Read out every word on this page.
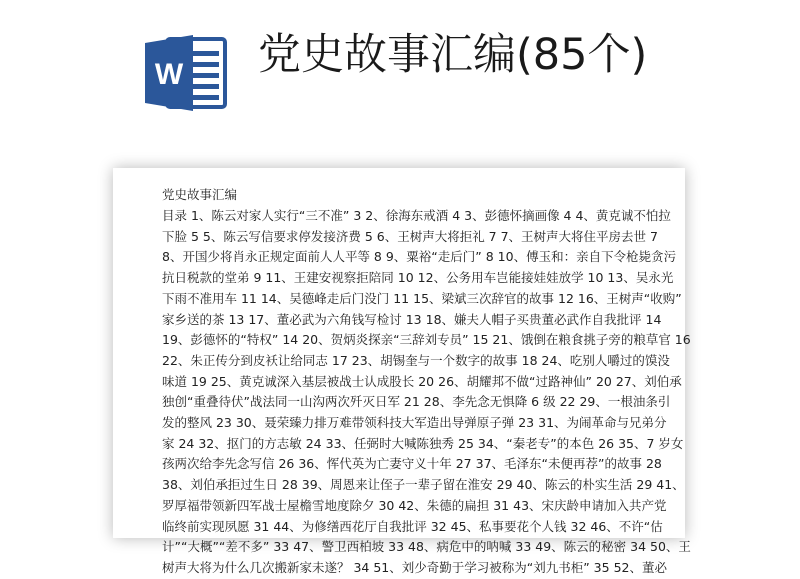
W 党史故事汇编(85个)
党史故事汇编
目录 1、陈云对家人实行“三不准” 3 2、徐海东戒酒 4 3、彭德怀摘画像 4 4、黄克诚不怕拉
下脸 5 5、陈云写信要求停发接济费 5 6、王树声大将拒礼 7 7、王树声大将住平房去世 7
8、开国少将肖永正规定面前人人平等 8 9、粟裕“走后门” 8 10、傅玉和：亲自下令枪毙贪污
抗日税款的堂弟 9 11、王建安视察拒陪同 10 12、公务用车岂能接娃娃放学 10 13、吴永光
下雨不准用车 11 14、吴德峰走后门没门 11 15、梁斌三次辞官的故事 12 16、王树声“收购”
家乡送的茶 13 17、董必武为六角钱写检讨 13 18、嫌夫人帽子买贵董必武作自我批评 14
19、彭德怀的“特权” 14 20、贺炳炎探亲“三辞刘专员” 15 21、饿倒在粮食挑子旁的粮草官 16
22、朱正传分到皮袄让给同志 17 23、胡锡奎与一个数字的故事 18 24、吃别人嚼过的馍没
味道 19 25、黄克诚深入基层被战士认成股长 20 26、胡耀邦不做“过路神仙” 20 27、刘伯承
独创“重叠待伏”战法同一山沟两次歼灭日军 21 28、李先念无惧降 6 级 22 29、一根油条引
发的整风 23 30、聂荣臻力排万难带领科技大军造出导弹原子弹 23 31、为闹革命与兄弟分
家 24 32、抠门的方志敏 24 33、任弼时大喊陈独秀 25 34、“秦老专”的本色 26 35、7 岁女
孩两次给李先念写信 26 36、恽代英为亡妻守义十年 27 37、毛泽东“未便再荐”的故事 28
38、刘伯承拒过生日 28 39、周恩来让侄子一辈子留在淮安 29 40、陈云的朴实生活 29 41、
罗厚福带领新四军战士屋檐雪地度除夕 30 42、朱德的扁担 31 43、宋庆龄申请加入共产党
临终前实现夙愿 31 44、为修缮西花厅自我批评 32 45、私事要花个人钱 32 46、不许“估
计”“大概”“差不多” 33 47、警卫西柏坡 33 48、病危中的呐喊 33 49、陈云的秘密 34 50、王
树声大将为什么几次搬新家未遂？ 34 51、刘少奇勤于学习被称为“刘九书柜” 35 52、董必
